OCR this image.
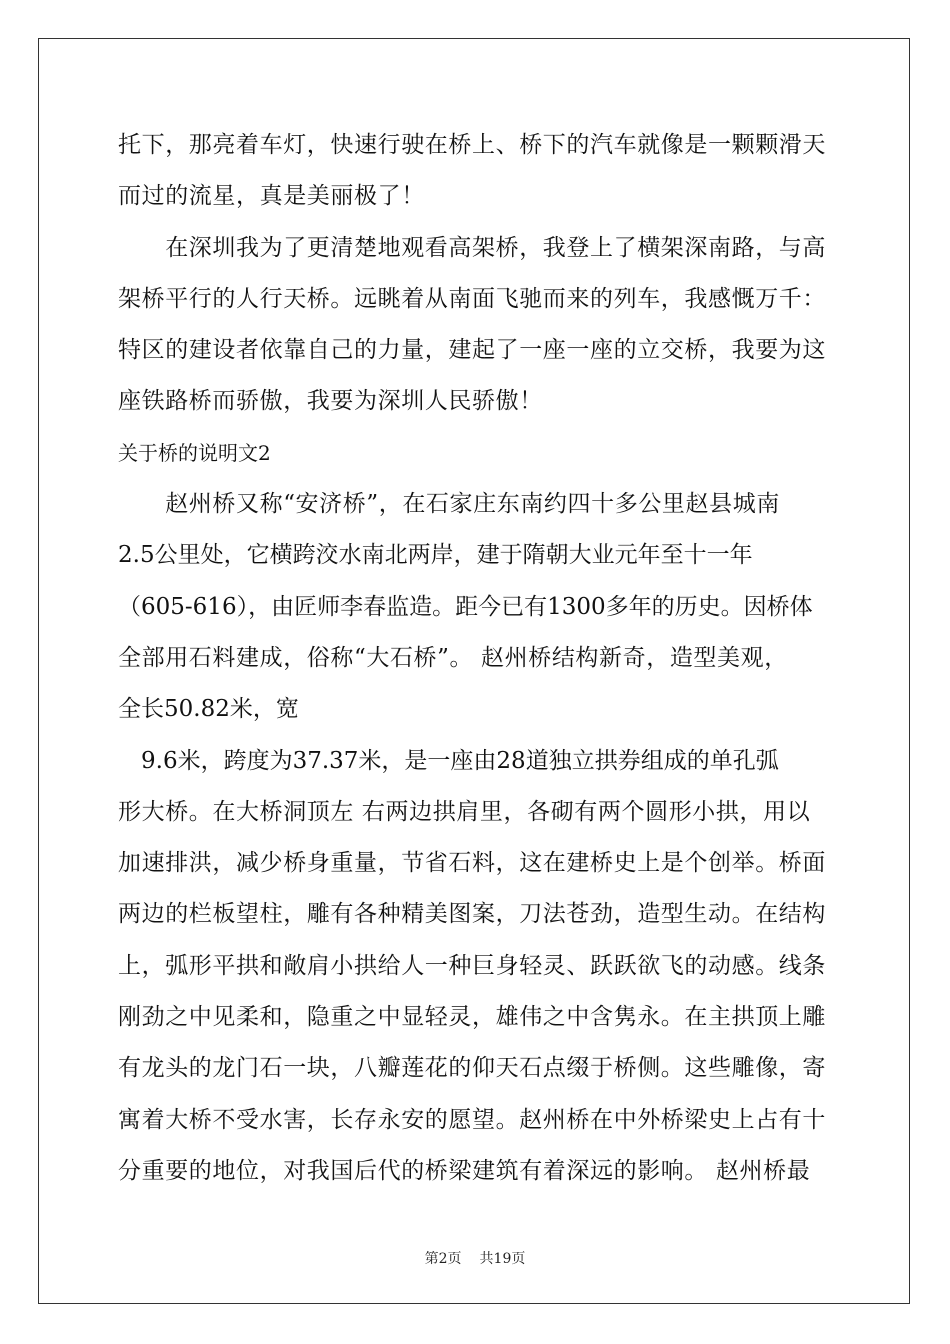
托下，那亮着车灯，快速行驶在桥上、桥下的汽车就像是一颗颗滑天
而过的流星，真是美丽极了！
　　在深圳我为了更清楚地观看高架桥，我登上了横架深南路，与高
架桥平行的人行天桥。远眺着从南面飞驰而来的列车，我感慨万千：
特区的建设者依靠自己的力量，建起了一座一座的立交桥，我要为这
座铁路桥而骄傲，我要为深圳人民骄傲！
关于桥的说明文2
　　赵州桥又称“安济桥”，在石家庄东南约四十多公里赵县城南
2.5公里处，它横跨洨水南北两岸，建于隋朝大业元年至十一年
（605-616），由匠师李春监造。距今已有1300多年的历史。因桥体
全部用石料建成，俗称“大石桥”。 赵州桥结构新奇，造型美观，
全长50.82米，宽
　9.6米，跨度为37.37米，是一座由28道独立拱券组成的单孔弧
形大桥。在大桥洞顶左 右两边拱肩里，各砌有两个圆形小拱，用以
加速排洪，减少桥身重量，节省石料，这在建桥史上是个创举。桥面
两边的栏板望柱，雕有各种精美图案，刀法苍劲，造型生动。在结构
上，弧形平拱和敞肩小拱给人一种巨身轻灵、跃跃欲飞的动感。线条
刚劲之中见柔和，隐重之中显轻灵，雄伟之中含隽永。在主拱顶上雕
有龙头的龙门石一块，八瓣莲花的仰天石点缀于桥侧。这些雕像，寄
寓着大桥不受水害，长存永安的愿望。赵州桥在中外桥梁史上占有十
分重要的地位，对我国后代的桥梁建筑有着深远的影响。 赵州桥最
第2页 共19页
